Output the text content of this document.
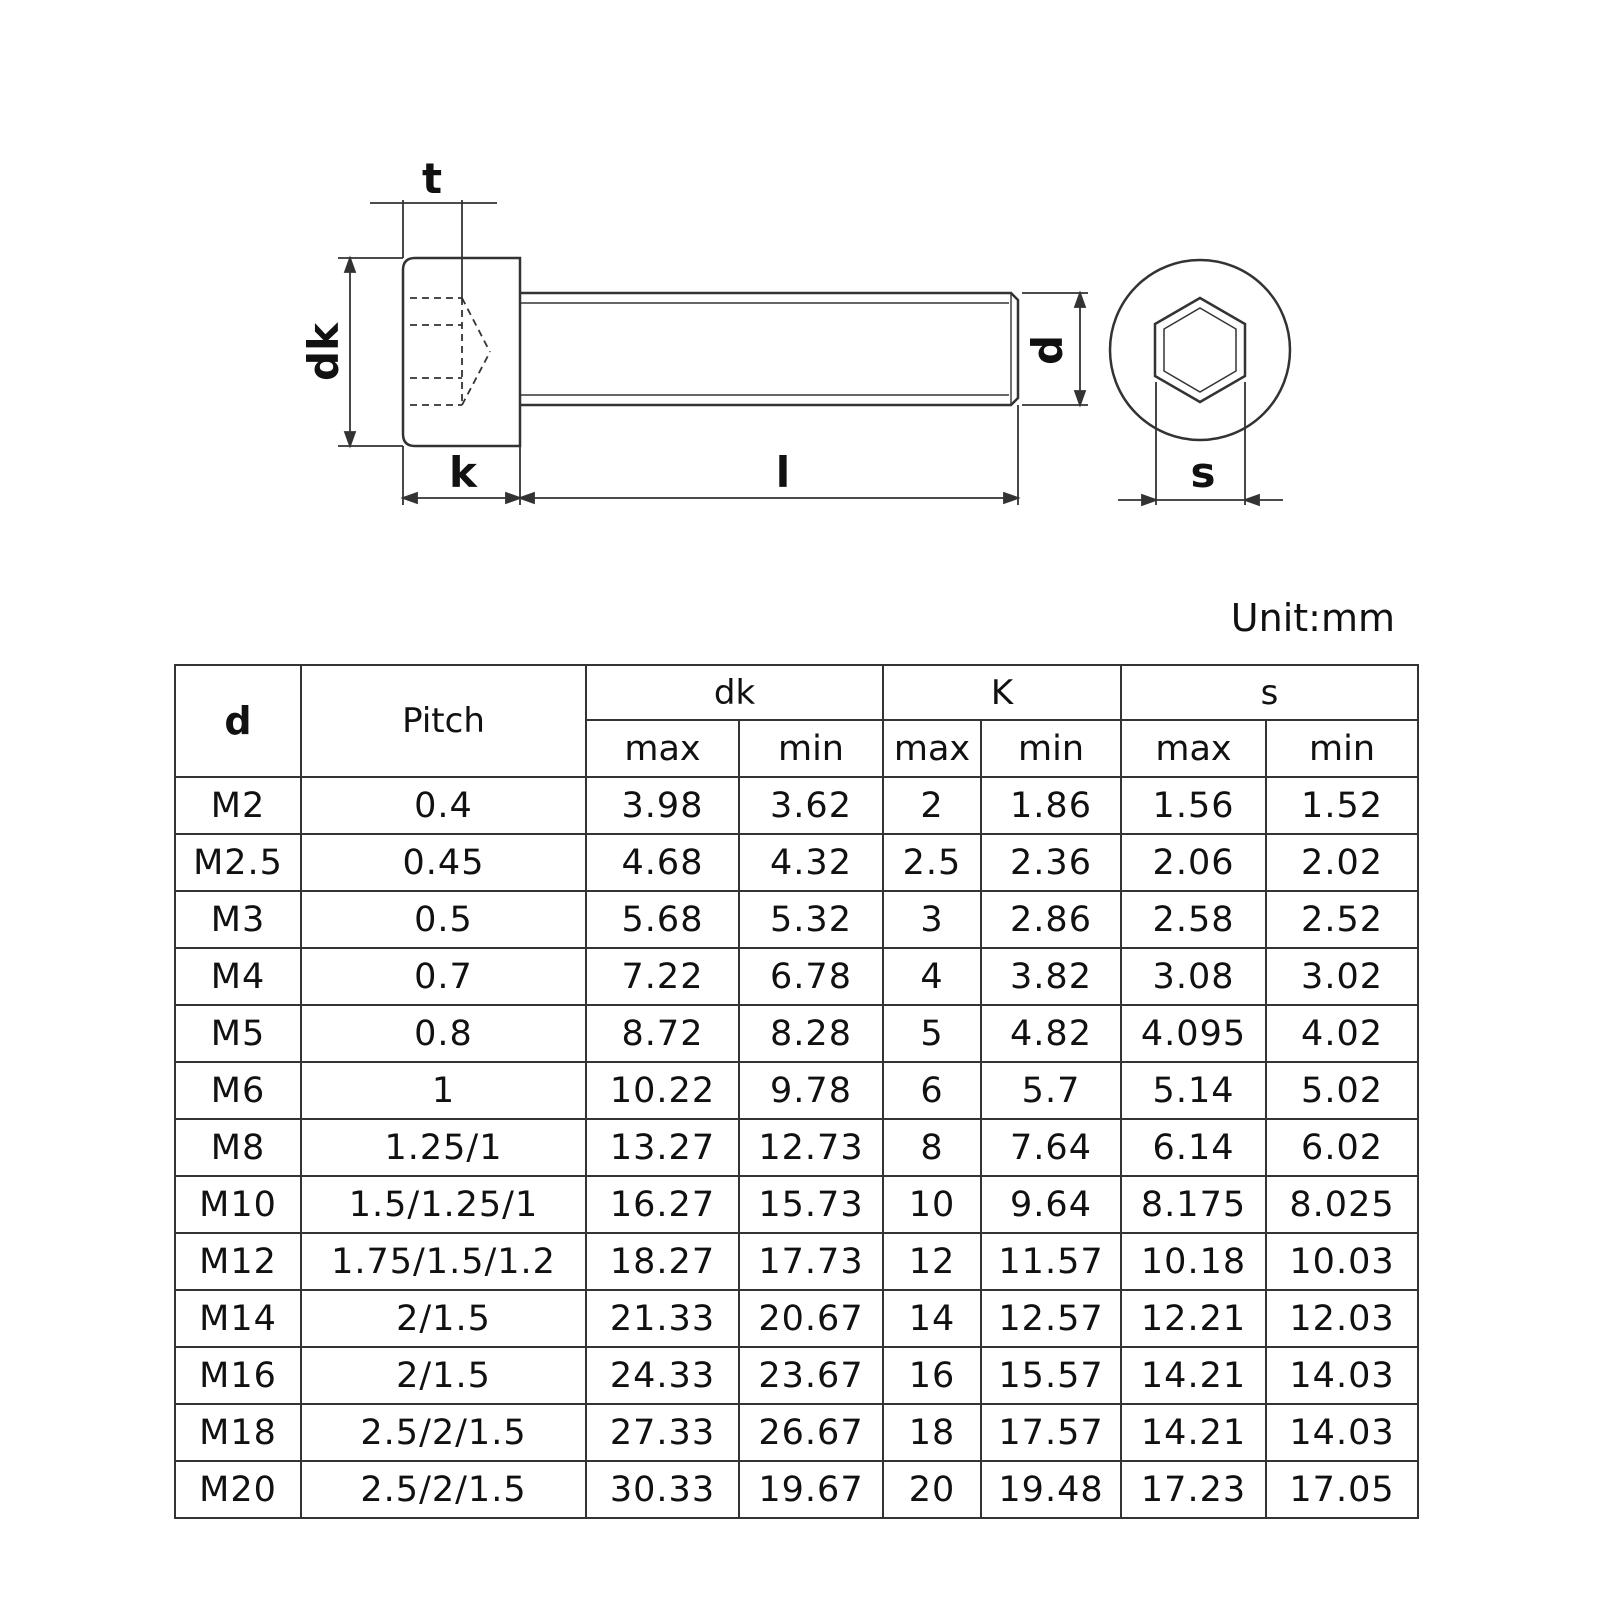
t
dk
k	l
d
s
Unit:mm
d	Pitch	dk		K		s	
		max	min	max	min	max	min
M2	0.4	3.98	3.62	2	1.86	1.56	1.52
M2.5	0.45	4.68	4.32	2.5	2.36	2.06	2.02
M3	0.5	5.68	5.32	3	2.86	2.58	2.52
M4	0.7	7.22	6.78	4	3.82	3.08	3.02
M5	0.8	8.72	8.28	5	4.82	4.095	4.02
M6	1	10.22	9.78	6	5.7	5.14	5.02
M8	1.25/1	13.27	12.73	8	7.64	6.14	6.02
M10	1.5/1.25/1	16.27	15.73	10	9.64	8.175	8.025
M12	1.75/1.5/1.2	18.27	17.73	12	11.57	10.18	10.03
M14	2/1.5	21.33	20.67	14	12.57	12.21	12.03
M16	2/1.5	24.33	23.67	16	15.57	14.21	14.03
M18	2.5/2/1.5	27.33	26.67	18	17.57	14.21	14.03
M20	2.5/2/1.5	30.33	19.67	20	19.48	17.23	17.05
